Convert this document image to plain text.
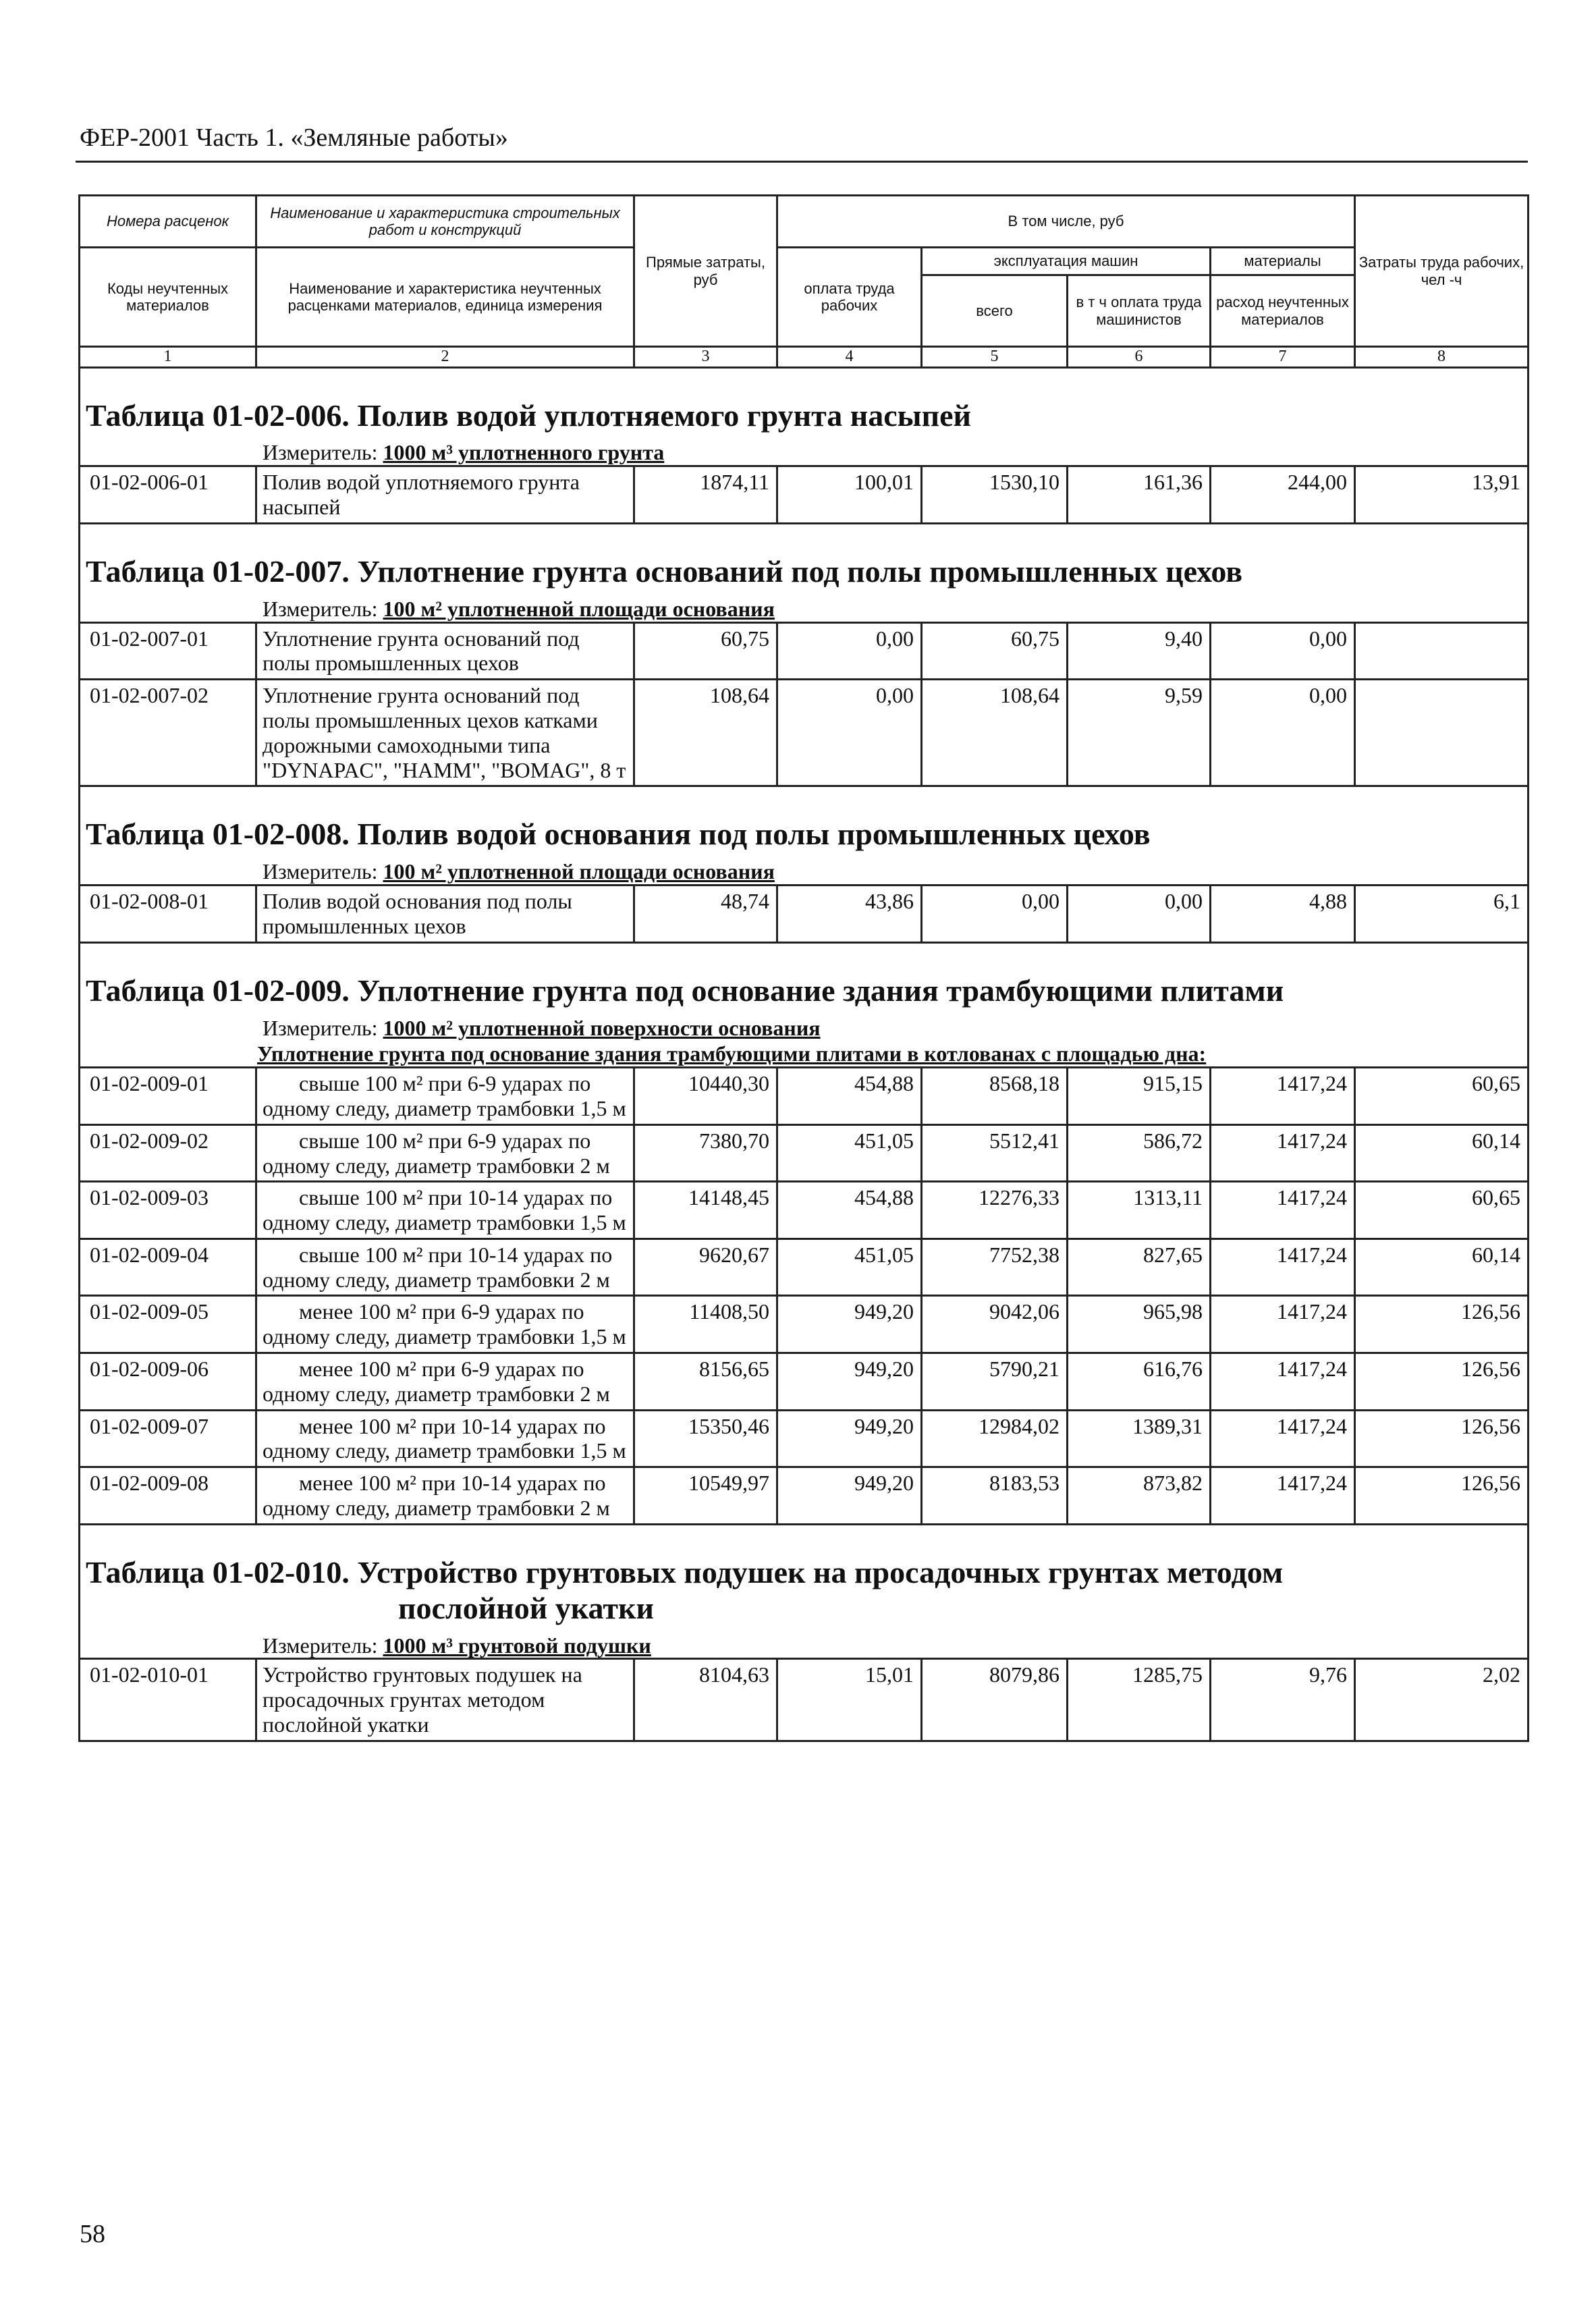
ФЕР-2001 Часть 1. «Земляные работы»
Номера расценок	Наименование и характеристика строительных работ и конструкций	Прямые затраты, руб	В том числе, руб				Затраты труда рабочих, чел -ч
Коды неучтенных материалов	Наименование и характеристика неучтенных расценками материалов, единица измерения		оплата труда рабочих	эксплуатация машин		материалы	
				всего	в т ч оплата труда машинистов	расход неучтенных материалов	
1	2	3	4	5	6	7	8

Таблица 01-02-006. Полив водой уплотняемого грунта насыпей							

Измеритель: 1000 м³ уплотненного грунта							
01-02-006-01	Полив водой уплотняемого грунта насыпей	1874,11	100,01	1530,10	161,36	244,00	13,91

Таблица 01-02-007. Уплотнение грунта оснований под полы промышленных цехов							

Измеритель: 100 м² уплотненной площади основания							
01-02-007-01	Уплотнение грунта оснований под полы промышленных цехов	60,75	0,00	60,75	9,40	0,00	
01-02-007-02	Уплотнение грунта оснований под полы промышленных цехов катками дорожными самоходными типа "DYNAPAC", "HAMM", "BOMAG", 8 т	108,64	0,00	108,64	9,59	0,00	

Таблица 01-02-008. Полив водой основания под полы промышленных цехов							

Измеритель: 100 м² уплотненной площади основания							
01-02-008-01	Полив водой основания под полы промышленных цехов	48,74	43,86	0,00	0,00	4,88	6,1

Таблица 01-02-009. Уплотнение грунта под основание здания трамбующими плитами							

Измеритель: 1000 м² уплотненной поверхности основания							
Уплотнение грунта под основание здания трамбующими плитами в котлованах с площадью дна:							
01-02-009-01	свыше 100 м² при 6-9 ударах по одному следу, диаметр трамбовки 1,5 м	10440,30	454,88	8568,18	915,15	1417,24	60,65
01-02-009-02	свыше 100 м² при 6-9 ударах по одному следу, диаметр трамбовки 2 м	7380,70	451,05	5512,41	586,72	1417,24	60,14
01-02-009-03	свыше 100 м² при 10-14 ударах по одному следу, диаметр трамбовки 1,5 м	14148,45	454,88	12276,33	1313,11	1417,24	60,65
01-02-009-04	свыше 100 м² при 10-14 ударах по одному следу, диаметр трамбовки 2 м	9620,67	451,05	7752,38	827,65	1417,24	60,14
01-02-009-05	менее 100 м² при 6-9 ударах по одному следу, диаметр трамбовки 1,5 м	11408,50	949,20	9042,06	965,98	1417,24	126,56
01-02-009-06	менее 100 м² при 6-9 ударах по одному следу, диаметр трамбовки 2 м	8156,65	949,20	5790,21	616,76	1417,24	126,56
01-02-009-07	менее 100 м² при 10-14 ударах по одному следу, диаметр трамбовки 1,5 м	15350,46	949,20	12984,02	1389,31	1417,24	126,56
01-02-009-08	менее 100 м² при 10-14 ударах по одному следу, диаметр трамбовки 2 м	10549,97	949,20	8183,53	873,82	1417,24	126,56

Таблица 01-02-010. Устройство грунтовых подушек на просадочных грунтах методом
послойной укатки							

Измеритель: 1000 м³ грунтовой подушки							
01-02-010-01	Устройство грунтовых подушек на просадочных грунтах методом послойной укатки	8104,63	15,01	8079,86	1285,75	9,76	2,02
58
